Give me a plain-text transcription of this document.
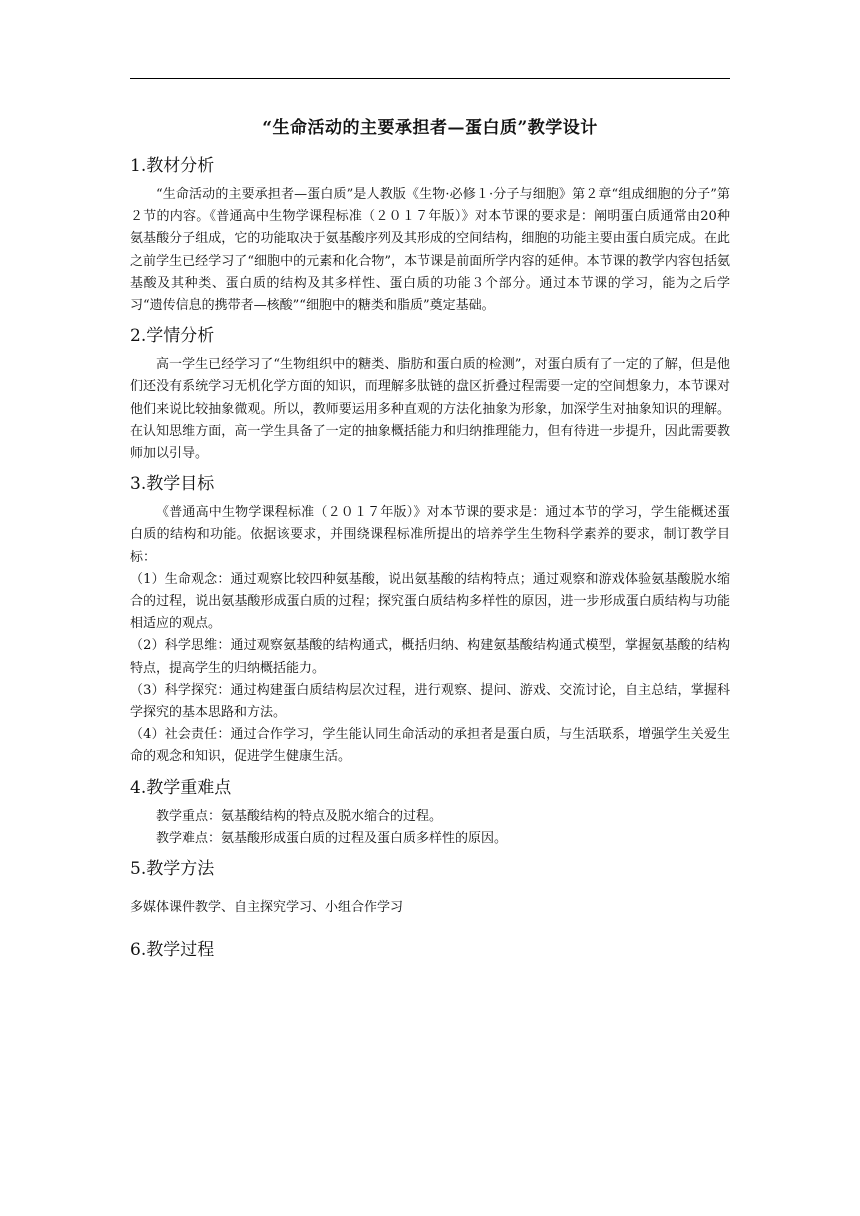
“生命活动的主要承担者—蛋白质”教学设计
1.教材分析

“生命活动的主要承担者—蛋白质”是人教版《生物·必修１·分子与细胞》第２章“组成细胞的分子”第２节的内容。《普通高中生物学课程标准（２０１７年版）》对本节课的要求是：阐明蛋白质通常由20种氨基酸分子组成，它的功能取决于氨基酸序列及其形成的空间结构，细胞的功能主要由蛋白质完成。在此之前学生已经学习了“细胞中的元素和化合物”，本节课是前面所学内容的延伸。本节课的教学内容包括氨基酸及其种类、蛋白质的结构及其多样性、蛋白质的功能３个部分。通过本节课的学习，能为之后学习“遗传信息的携带者—核酸”“细胞中的糖类和脂质”奠定基础。

2.学情分析

高一学生已经学习了“生物组织中的糖类、脂肪和蛋白质的检测”，对蛋白质有了一定的了解，但是他们还没有系统学习无机化学方面的知识，而理解多肽链的盘区折叠过程需要一定的空间想象力，本节课对他们来说比较抽象微观。所以，教师要运用多种直观的方法化抽象为形象，加深学生对抽象知识的理解。在认知思维方面，高一学生具备了一定的抽象概括能力和归纳推理能力，但有待进一步提升，因此需要教师加以引导。

3.教学目标

《普通高中生物学课程标准（２０１７年版）》对本节课的要求是：通过本节的学习，学生能概述蛋白质的结构和功能。依据该要求，并围绕课程标准所提出的培养学生生物科学素养的要求，制订教学目标：

（1）生命观念：通过观察比较四种氨基酸，说出氨基酸的结构特点；通过观察和游戏体验氨基酸脱水缩合的过程，说出氨基酸形成蛋白质的过程；探究蛋白质结构多样性的原因，进一步形成蛋白质结构与功能相适应的观点。

（2）科学思维：通过观察氨基酸的结构通式，概括归纳、构建氨基酸结构通式模型，掌握氨基酸的结构特点，提高学生的归纳概括能力。

（3）科学探究：通过构建蛋白质结构层次过程，进行观察、提问、游戏、交流讨论，自主总结，掌握科学探究的基本思路和方法。

（4）社会责任：通过合作学习，学生能认同生命活动的承担者是蛋白质，与生活联系，增强学生关爱生命的观念和知识，促进学生健康生活。

4.教学重难点

教学重点：氨基酸结构的特点及脱水缩合的过程。

教学难点：氨基酸形成蛋白质的过程及蛋白质多样性的原因。

5.教学方法

多媒体课件教学、自主探究学习、小组合作学习

6.教学过程
